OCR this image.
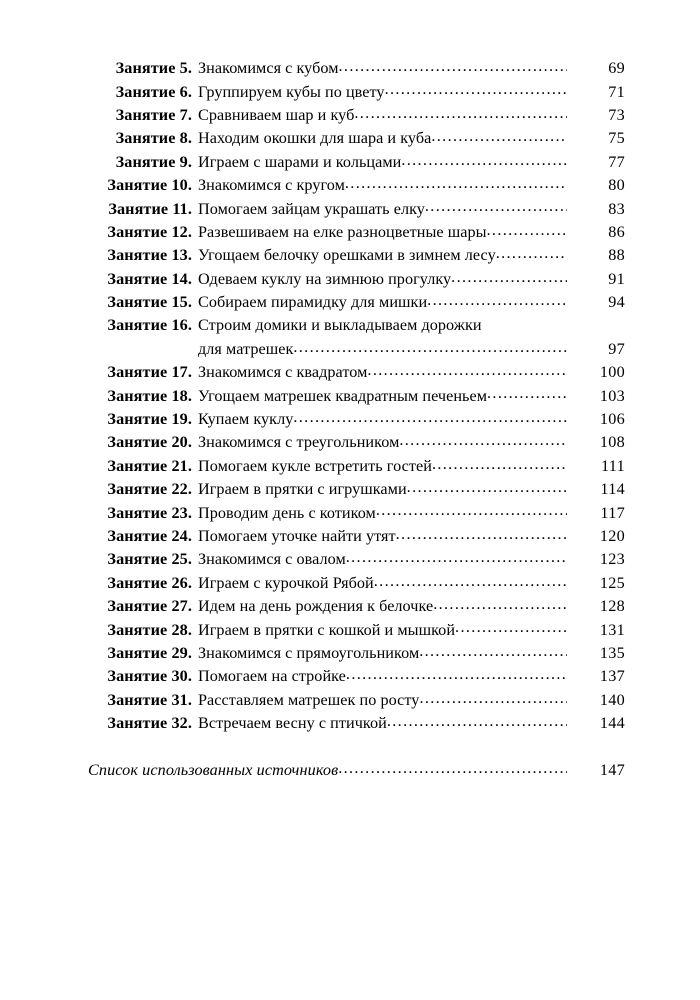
Занятие 5. Знакомимся с кубом .....	69
Занятие 6. Группируем кубы по цвету .....	71
Занятие 7. Сравниваем шар и куб .....	73
Занятие 8. Находим окошки для шара и куба .....	75
Занятие 9. Играем с шарами и кольцами .....	77
Занятие 10. Знакомимся с кругом .....	80
Занятие 11. Помогаем зайцам украшать елку .....	83
Занятие 12. Развешиваем на елке разноцветные шары .....	86
Занятие 13. Угощаем белочку орешками в зимнем лесу .....	88
Занятие 14. Одеваем куклу на зимнюю прогулку .....	91
Занятие 15. Собираем пирамидку для мишки .....	94
Занятие 16. Строим домики и выкладываем дорожки
для матрешек .....	97
Занятие 17. Знакомимся с квадратом .....	100
Занятие 18. Угощаем матрешек квадратным печеньем .....	103
Занятие 19. Купаем куклу .....	106
Занятие 20. Знакомимся с треугольником .....	108
Занятие 21. Помогаем кукле встретить гостей .....	111
Занятие 22. Играем в прятки с игрушками .....	114
Занятие 23. Проводим день с котиком .....	117
Занятие 24. Помогаем уточке найти утят .....	120
Занятие 25. Знакомимся с овалом .....	123
Занятие 26. Играем с курочкой Рябой .....	125
Занятие 27. Идем на день рождения к белочке .....	128
Занятие 28. Играем в прятки с кошкой и мышкой .....	131
Занятие 29. Знакомимся с прямоугольником .....	135
Занятие 30. Помогаем на стройке .....	137
Занятие 31. Расставляем матрешек по росту .....	140
Занятие 32. Встречаем весну с птичкой .....	144
Список использованных источников .....	147
